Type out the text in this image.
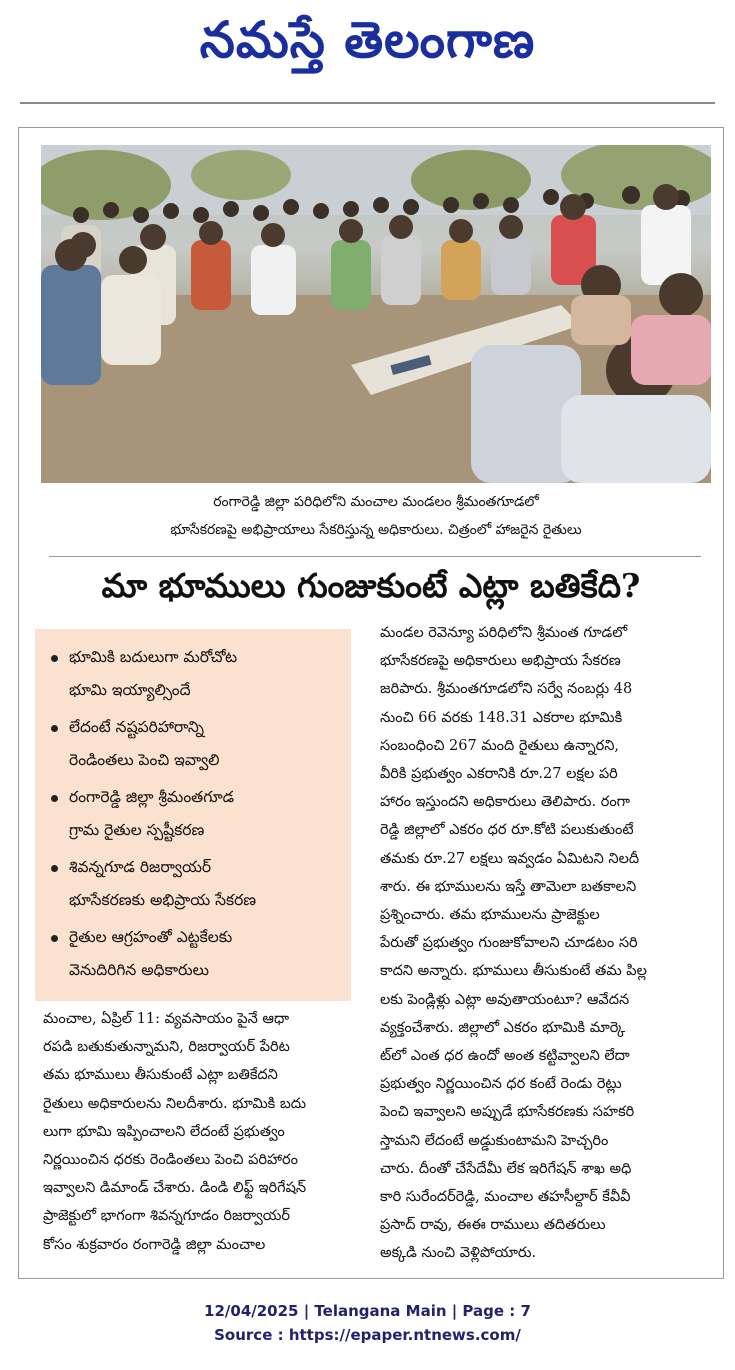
నమస్తే తెలంగాణ
రంగారెడ్డి జిల్లా పరిధిలోని మంచాల మండలం శ్రీమంతగూడలో
భూసేకరణపై అభిప్రాయాలు సేకరిస్తున్న అధికారులు. చిత్రంలో హాజరైన రైతులు
మా భూములు గుంజుకుంటే ఎట్లా బతికేది?
భూమికి బదులుగా మరోచోట
భూమి ఇయ్యాల్సిందే
లేదంటే నష్టపరిహారాన్ని
రెండింతలు పెంచి ఇవ్వాలి
రంగారెడ్డి జిల్లా శ్రీమంతగూడ
గ్రామ రైతుల స్పష్టీకరణ
శివన్నగూడ రిజర్వాయర్
భూసేకరణకు అభిప్రాయ సేకరణ
రైతుల ఆగ్రహంతో ఎట్టకేలకు
వెనుదిరిగిన అధికారులు
మంచాల, ఏప్రిల్ 11: వ్యవసాయం పైనే ఆధా
రపడి బతుకుతున్నామని, రిజర్వాయర్ పేరిట
తమ భూములు తీసుకుంటే ఎట్లా బతికేదని
రైతులు అధికారులను నిలదీశారు. భూమికి బదు
లుగా భూమి ఇప్పించాలని లేదంటే ప్రభుత్వం
నిర్ణయించిన ధరకు రెండింతలు పెంచి పరిహారం
ఇవ్వాలని డిమాండ్ చేశారు. డిండి లిఫ్ట్ ఇరిగేషన్
ప్రాజెక్టులో భాగంగా శివన్నగూడం రిజర్వాయర్
కోసం శుక్రవారం రంగారెడ్డి జిల్లా మంచాల
మండల రెవెన్యూ పరిధిలోని శ్రీమంత గూడలో
భూసేకరణపై అధికారులు అభిప్రాయ సేకరణ
జరిపారు. శ్రీమంతగూడలోని సర్వే నంబర్లు 48
నుంచి 66 వరకు 148.31 ఎకరాల భూమికి
సంబంధించి 267 మంది రైతులు ఉన్నారని,
వీరికి ప్రభుత్వం ఎకరానికి రూ.27 లక్షల పరి
హారం ఇస్తుందని అధికారులు తెలిపారు. రంగా
రెడ్డి జిల్లాలో ఎకరం ధర రూ.కోటి పలుకుతుంటే
తమకు రూ.27 లక్షలు ఇవ్వడం ఏమిటని నిలదీ
శారు. ఈ భూములను ఇస్తే తామెలా బతకాలని
ప్రశ్నించారు. తమ భూములను ప్రాజెక్టుల
పేరుతో ప్రభుత్వం గుంజుకోవాలని చూడటం సరి
కాదని అన్నారు. భూములు తీసుకుంటే తమ పిల్ల
లకు పెండ్లిళ్లు ఎట్లా అవుతాయంటూ? ఆవేదన
వ్యక్తంచేశారు. జిల్లాలో ఎకరం భూమికి మార్కె
ట్‌లో ఎంత ధర ఉందో అంత కట్టివ్వాలని లేదా
ప్రభుత్వం నిర్ణయించిన ధర కంటే రెండు రెట్లు
పెంచి ఇవ్వాలని అప్పుడే భూసేకరణకు సహకరి
స్తామని లేదంటే అడ్డుకుంటామని హెచ్చరిం
చారు. దీంతో చేసేదేమీ లేక ఇరిగేషన్ శాఖ అధి
కారి సురేందర్‌రెడ్డి, మంచాల తహసీల్దార్ కేవీవీ
ప్రసాద్ రావు, ఈఈ రాములు తదితరులు
అక్కడి నుంచి వెళ్లిపోయారు.
12/04/2025 | Telangana Main | Page : 7
Source : https://epaper.ntnews.com/
